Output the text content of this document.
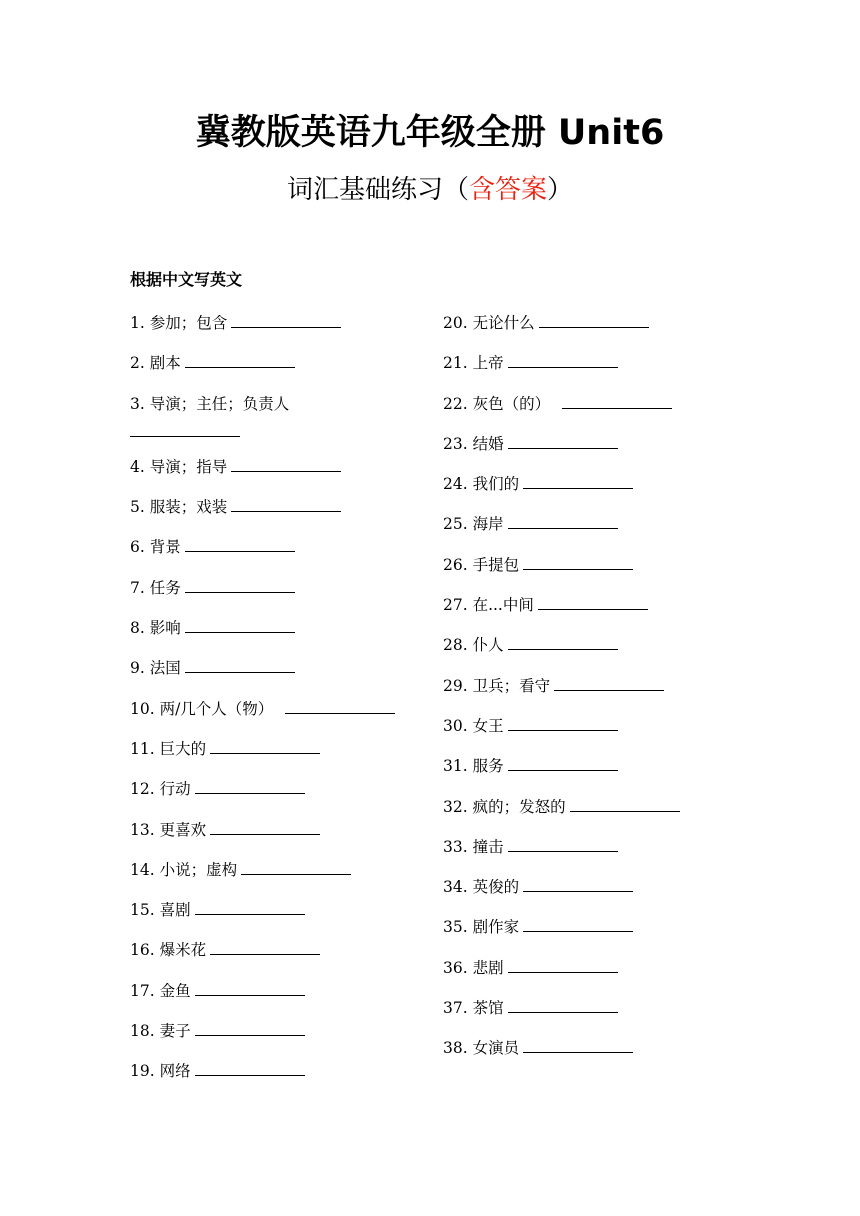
冀教版英语九年级全册 Unit6
词汇基础练习（含答案）
根据中文写英文
1. 参加；包含
2. 剧本
3. 导演；主任；负责人
4. 导演；指导
5. 服装；戏装
6. 背景
7. 任务
8. 影响
9. 法国
10. 两/几个人（物）
11. 巨大的
12. 行动
13. 更喜欢
14. 小说；虚构
15. 喜剧
16. 爆米花
17. 金鱼
18. 妻子
19. 网络
20. 无论什么
21. 上帝
22. 灰色（的）
23. 结婚
24. 我们的
25. 海岸
26. 手提包
27. 在...中间
28. 仆人
29. 卫兵；看守
30. 女王
31. 服务
32. 疯的；发怒的
33. 撞击
34. 英俊的
35. 剧作家
36. 悲剧
37. 茶馆
38. 女演员
